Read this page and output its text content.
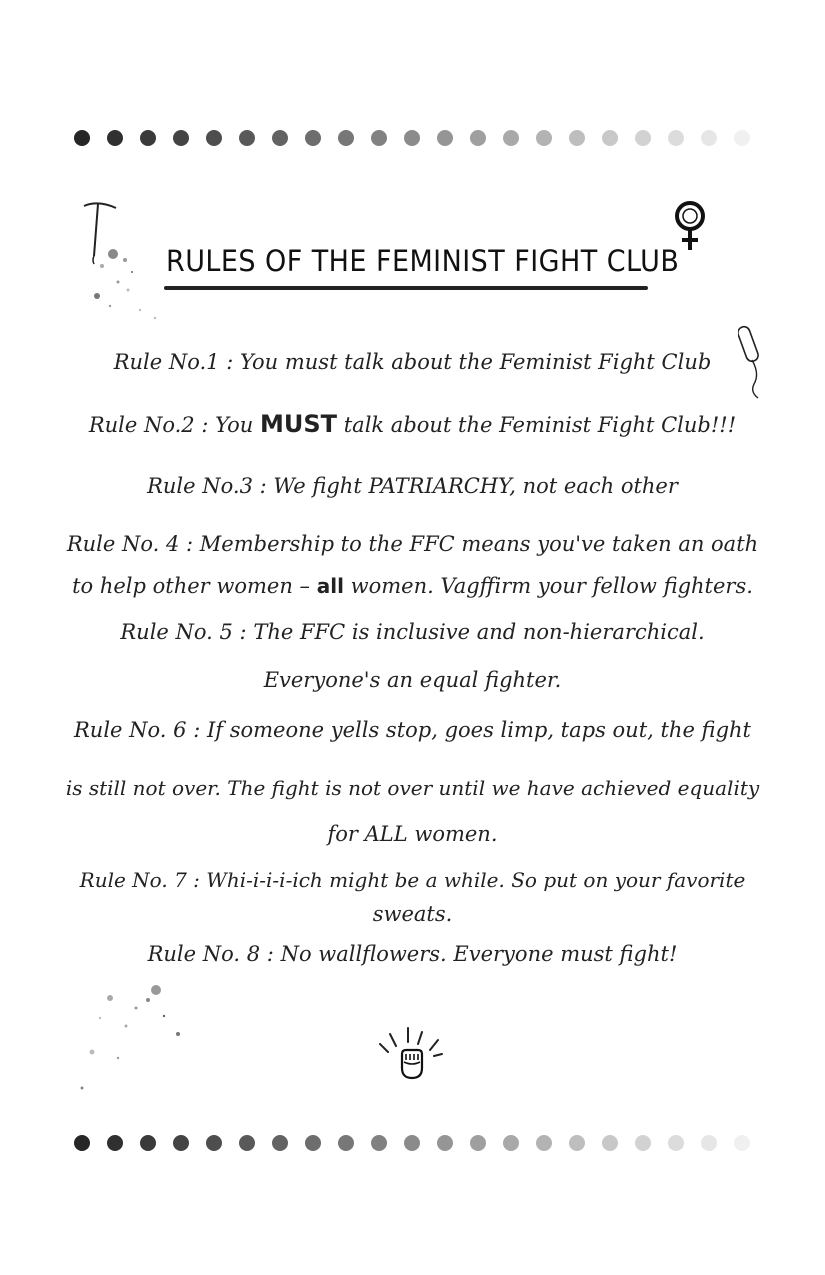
RULES OF THE FEMINIST FIGHT CLUB
Rule No.1 : You must talk about the Feminist Fight Club
Rule No.2 : You MUST talk about the Feminist Fight Club!!!
Rule No.3 : We fight PATRIARCHY, not each other
Rule No. 4 : Membership to the FFC means you've taken an oath
to help other women – all women. Vagffirm your fellow fighters.
Rule No. 5 : The FFC is inclusive and non-hierarchical.
Everyone's an equal fighter.
Rule No. 6 : If someone yells stop, goes limp, taps out, the fight
is still not over. The fight is not over until we have achieved equality
for ALL women.
Rule No. 7 : Whi-i-i-i-ich might be a while. So put on your favorite
sweats.
Rule No. 8 : No wallflowers. Everyone must fight!
